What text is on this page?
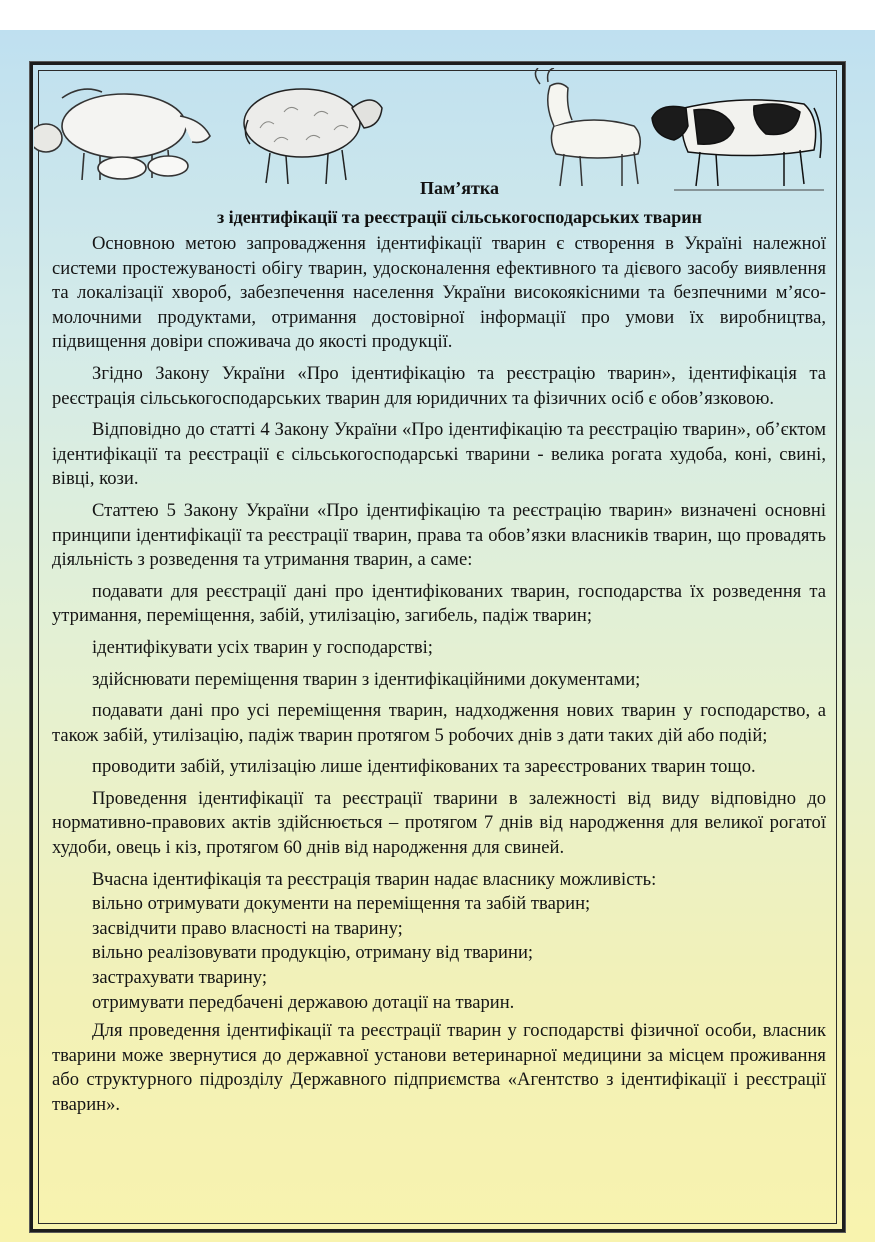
Пам’ятка
з ідентифікації та реєстрації сільськогосподарських тварин

Основною метою запровадження ідентифікації тварин є створення в Україні належної системи простежуваності обігу тварин, удосконалення ефективного та дієвого засобу виявлення та локалізації хвороб, забезпечення населення України високоякісними та безпечними м’ясо-молочними продуктами, отримання достовірної інформації про умови їх виробництва, підвищення довіри споживача до якості продукції.

Згідно Закону України «Про ідентифікацію та реєстрацію тварин», ідентифікація та реєстрація сільськогосподарських тварин для юридичних та фізичних осіб є обов’язковою.

Відповідно до статті 4 Закону України «Про ідентифікацію та реєстрацію тварин», об’єктом ідентифікації та реєстрації є сільськогосподарські тварини - велика рогата худоба, коні, свині, вівці, кози.

Статтею 5 Закону України «Про ідентифікацію та реєстрацію тварин» визначені основні принципи ідентифікації та реєстрації тварин, права та обов’язки власників тварин, що провадять діяльність з розведення та утримання тварин, а саме:

подавати для реєстрації дані про ідентифікованих тварин, господарства їх розведення та утримання, переміщення, забій, утилізацію, загибель, падіж тварин;

ідентифікувати усіх тварин у господарстві;

здійснювати переміщення тварин з ідентифікаційними документами;

подавати дані про усі переміщення тварин, надходження нових тварин у господарство, а також забій, утилізацію, падіж тварин протягом 5 робочих днів з дати таких дій або подій;

проводити забій, утилізацію лише ідентифікованих та зареєстрованих тварин тощо.

Проведення ідентифікації та реєстрації тварини в залежності від виду відповідно до нормативно-правових актів здійснюється – протягом 7 днів від народження для великої рогатої худоби, овець і кіз, протягом 60 днів від народження для свиней.

Вчасна ідентифікація та реєстрація тварин надає власнику можливість:

вільно отримувати документи на переміщення та забій тварин;

засвідчити право власності на тварину;

вільно реалізовувати продукцію, отриману від тварини;

застрахувати тварину;

отримувати передбачені державою дотації на тварин.

Для проведення ідентифікації та реєстрації тварин у господарстві фізичної особи, власник тварини може звернутися до державної установи ветеринарної медицини за місцем проживання або структурного підрозділу Державного підприємства «Агентство з ідентифікації і реєстрації тварин».
